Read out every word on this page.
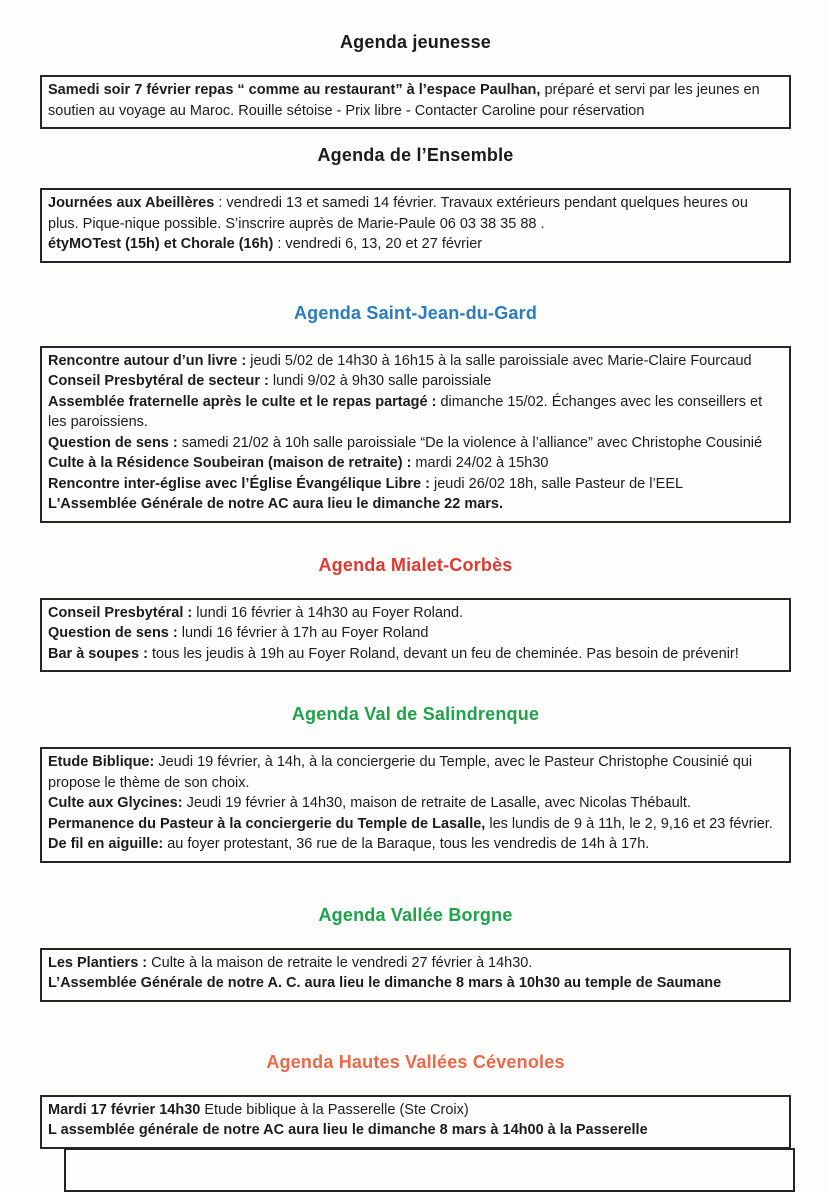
Agenda jeunesse

Samedi soir 7 février repas “ comme au restaurant” à l’espace Paulhan, préparé et servi par les jeunes en soutien au voyage au Maroc. Rouille sétoise - Prix libre - Contacter Caroline pour réservation

Agenda de l’Ensemble

Journées aux Abeillères : vendredi 13 et samedi 14 février. Travaux extérieurs pendant quelques heures ou plus. Pique-nique possible. S’inscrire auprès de Marie-Paule 06 03 38 35 88 .

étyMOTest (15h) et Chorale (16h) : vendredi 6, 13, 20 et 27 février

Agenda Saint-Jean-du-Gard

Rencontre autour d’un livre : jeudi 5/02 de 14h30 à 16h15 à la salle paroissiale avec Marie-Claire Fourcaud

Conseil Presbytéral de secteur : lundi 9/02 à 9h30 salle paroissiale

Assemblée fraternelle après le culte et le repas partagé : dimanche 15/02. Échanges avec les conseillers et les paroissiens.

Question de sens : samedi 21/02 à 10h salle paroissiale “De la violence à l’alliance” avec Christophe Cousinié

Culte à la Résidence Soubeiran (maison de retraite) : mardi 24/02 à 15h30

Rencontre inter-église avec l’Église Évangélique Libre : jeudi 26/02 18h, salle Pasteur de l’EEL

L'Assemblée Générale de notre AC aura lieu le dimanche 22 mars.

Agenda Mialet-Corbès

Conseil Presbytéral : lundi 16 février à 14h30 au Foyer Roland.

Question de sens : lundi 16 février à 17h au Foyer Roland

Bar à soupes : tous les jeudis à 19h au Foyer Roland, devant un feu de cheminée. Pas besoin de prévenir!

Agenda Val de Salindrenque

Etude Biblique: Jeudi 19 février, à 14h, à la conciergerie du Temple, avec le Pasteur Christophe Cousinié qui propose le thème de son choix.

Culte aux Glycines: Jeudi 19 février à 14h30, maison de retraite de Lasalle, avec Nicolas Thébault.

Permanence du Pasteur à la conciergerie du Temple de Lasalle, les lundis de 9 à 11h, le 2, 9,16 et 23 février.

De fil en aiguille: au foyer protestant, 36 rue de la Baraque, tous les vendredis de 14h à 17h.

Agenda Vallée Borgne

Les Plantiers : Culte à la maison de retraite le vendredi 27 février à 14h30.

L’Assemblée Générale de notre A. C. aura lieu le dimanche 8 mars à 10h30 au temple de Saumane

Agenda Hautes Vallées Cévenoles

Mardi 17 février 14h30 Etude biblique à la Passerelle (Ste Croix)

L assemblée générale de notre AC aura lieu le dimanche 8 mars à 14h00 à la Passerelle
